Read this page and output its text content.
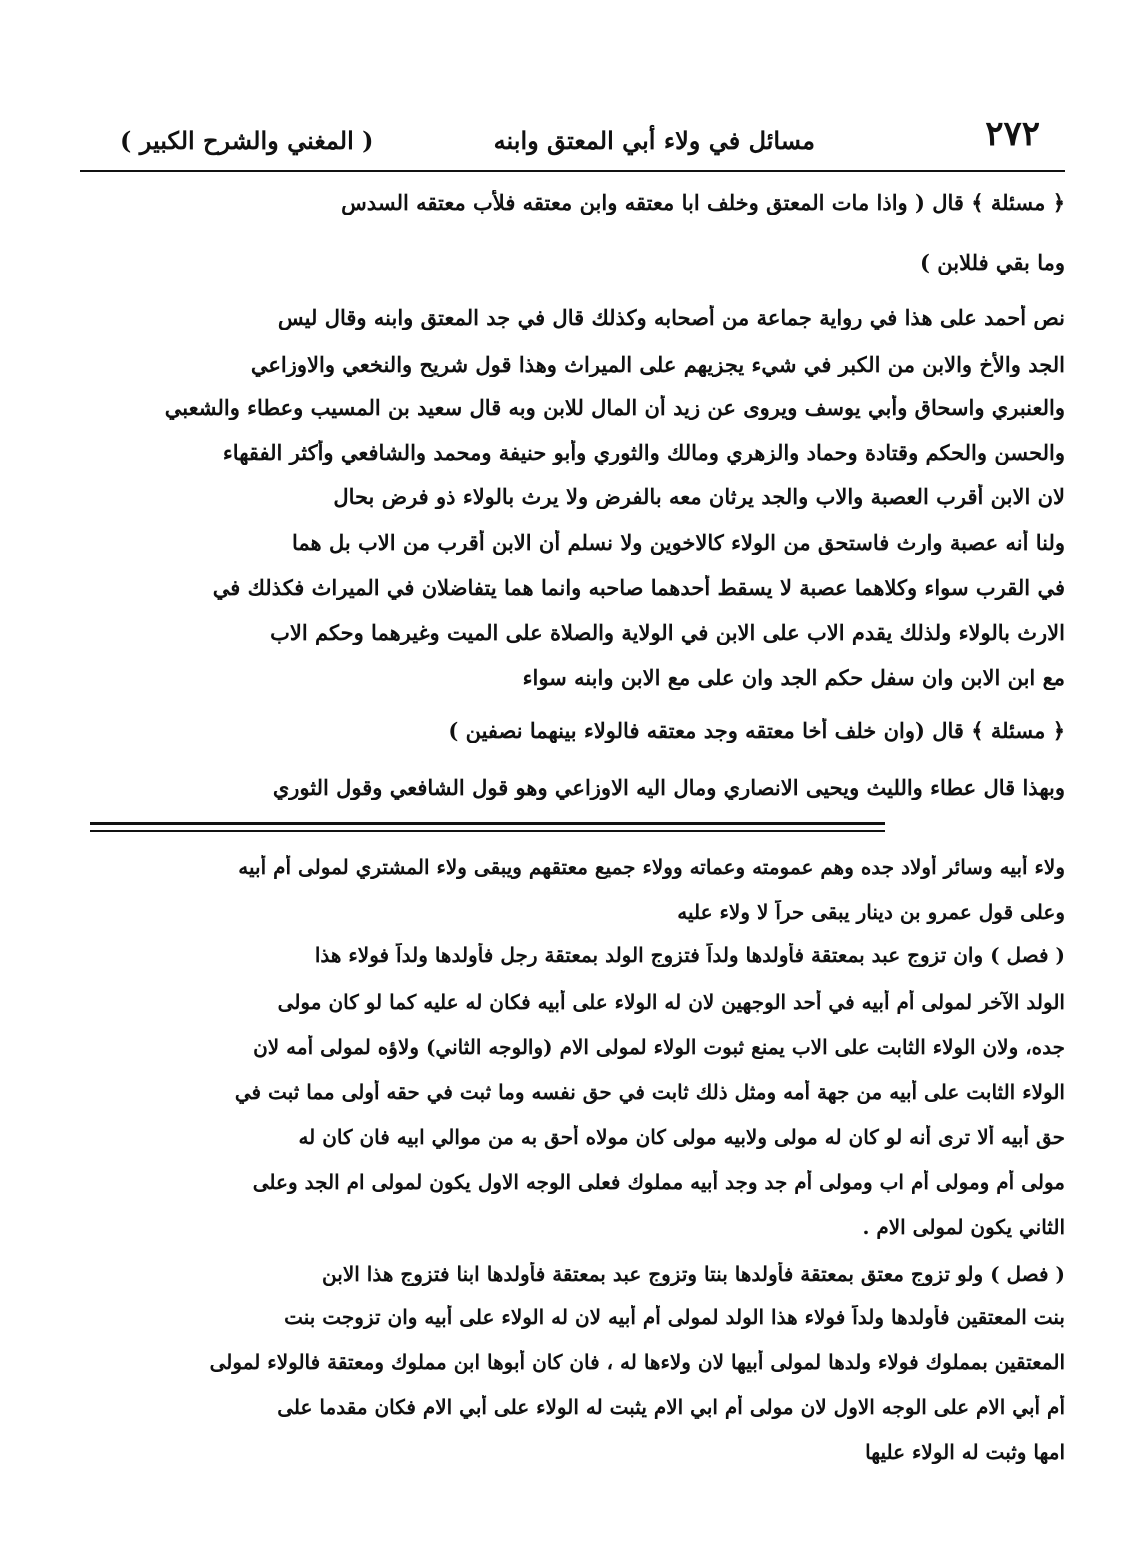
٢٧٢
مسائل في ولاء أبي المعتق وابنه
( المغني والشرح الكبير )
﴿ مسئلة ﴾ قال ( واذا مات المعتق وخلف ابا معتقه وابن معتقه فلأب معتقه السدس
وما بقي فللابن )
نص أحمد على هذا في رواية جماعة من أصحابه وكذلك قال في جد المعتق وابنه وقال ليس
الجد والأخ والابن من الكبر في شيء يجزيهم على الميراث وهذا قول شريح والنخعي والاوزاعي
والعنبري واسحاق وأبي يوسف ويروى عن زيد أن المال للابن وبه قال سعيد بن المسيب وعطاء والشعبي
والحسن والحكم وقتادة وحماد والزهري ومالك والثوري وأبو حنيفة ومحمد والشافعي وأكثر الفقهاء
لان الابن أقرب العصبة والاب والجد يرثان معه بالفرض ولا يرث بالولاء ذو فرض بحال
ولنا أنه عصبة وارث فاستحق من الولاء كالاخوين ولا نسلم أن الابن أقرب من الاب بل هما
في القرب سواء وكلاهما عصبة لا يسقط أحدهما صاحبه وانما هما يتفاضلان في الميراث فكذلك في
الارث بالولاء ولذلك يقدم الاب على الابن في الولاية والصلاة على الميت وغيرهما وحكم الاب
مع ابن الابن وان سفل حكم الجد وان على مع الابن وابنه سواء
﴿ مسئلة ﴾ قال (وان خلف أخا معتقه وجد معتقه فالولاء بينهما نصفين )
وبهذا قال عطاء والليث ويحيى الانصاري ومال اليه الاوزاعي وهو قول الشافعي وقول الثوري
ولاء أبيه وسائر أولاد جده وهم عمومته وعماته وولاء جميع معتقهم ويبقى ولاء المشتري لمولى أم أبيه
وعلى قول عمرو بن دينار يبقى حراً لا ولاء عليه
( فصل ) وان تزوج عبد بمعتقة فأولدها ولداً فتزوج الولد بمعتقة رجل فأولدها ولداً فولاء هذا
الولد الآخر لمولى أم أبيه في أحد الوجهين لان له الولاء على أبيه فكان له عليه كما لو كان مولى
جده، ولان الولاء الثابت على الاب يمنع ثبوت الولاء لمولى الام (والوجه الثاني) ولاؤه لمولى أمه لان
الولاء الثابت على أبيه من جهة أمه ومثل ذلك ثابت في حق نفسه وما ثبت في حقه أولى مما ثبت في
حق أبيه ألا ترى أنه لو كان له مولى ولابيه مولى كان مولاه أحق به من موالي ابيه فان كان له
مولى أم ومولى أم اب ومولى أم جد وجد أبيه مملوك فعلى الوجه الاول يكون لمولى ام الجد وعلى
الثاني يكون لمولى الام .
( فصل ) ولو تزوج معتق بمعتقة فأولدها بنتا وتزوج عبد بمعتقة فأولدها ابنا فتزوج هذا الابن
بنت المعتقين فأولدها ولداً فولاء هذا الولد لمولى أم أبيه لان له الولاء على أبيه وان تزوجت بنت
المعتقين بمملوك فولاء ولدها لمولى أبيها لان ولاءها له ، فان كان أبوها ابن مملوك ومعتقة فالولاء لمولى
أم أبي الام على الوجه الاول لان مولى أم ابي الام يثبت له الولاء على أبي الام فكان مقدما على
امها وثبت له الولاء عليها
